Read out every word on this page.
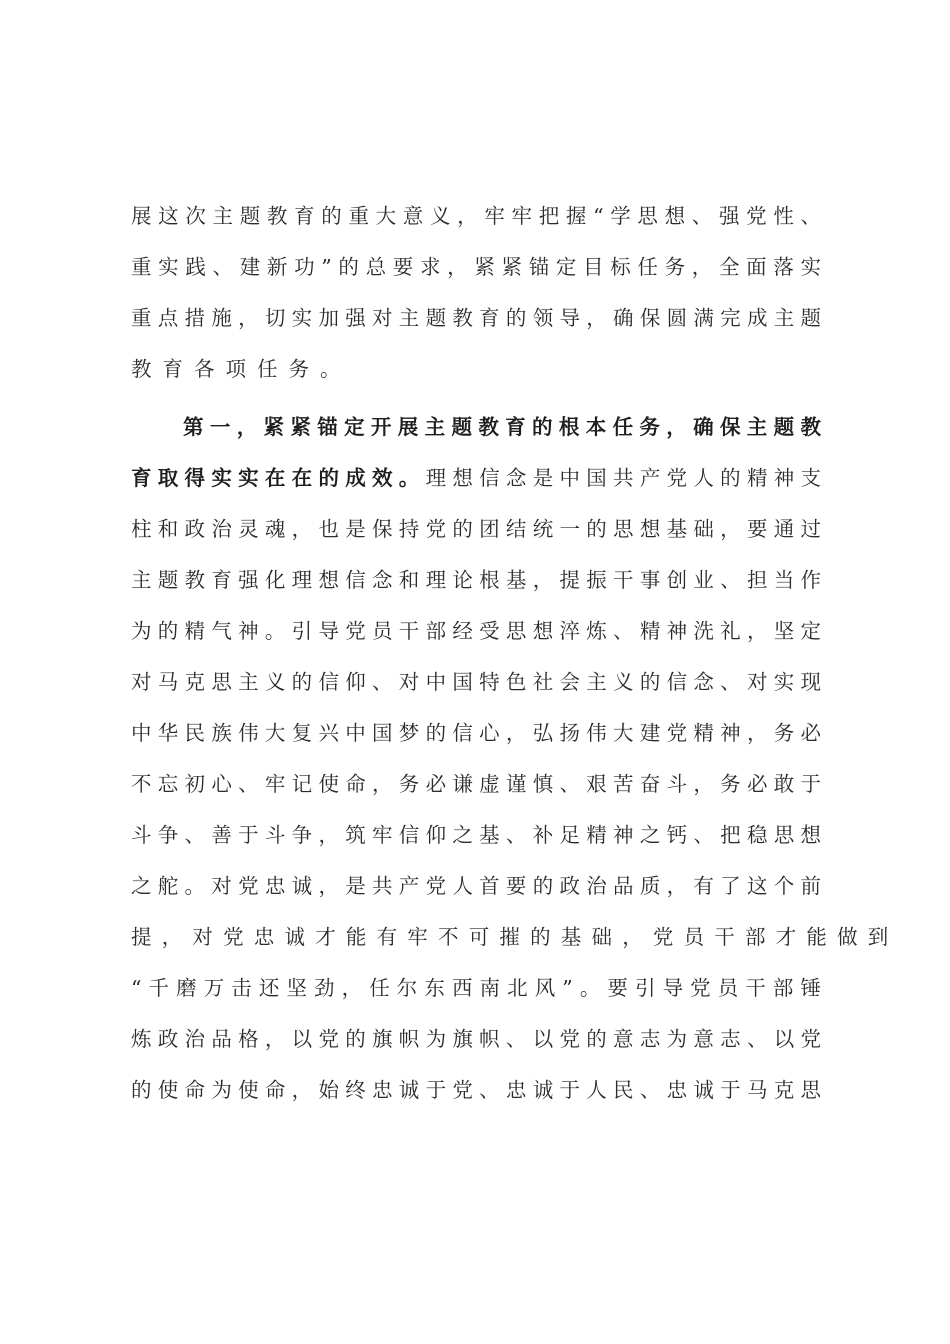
展这次主题教育的重大意义，牢牢把握“学思想、强党性、
重实践、建新功”的总要求，紧紧锚定目标任务，全面落实
重点措施，切实加强对主题教育的领导，确保圆满完成主题
教育各项任务。
第一，紧紧锚定开展主题教育的根本任务，确保主题教
育取得实实在在的成效。理想信念是中国共产党人的精神支
柱和政治灵魂，也是保持党的团结统一的思想基础，要通过
主题教育强化理想信念和理论根基，提振干事创业、担当作
为的精气神。引导党员干部经受思想淬炼、精神洗礼，坚定
对马克思主义的信仰、对中国特色社会主义的信念、对实现
中华民族伟大复兴中国梦的信心，弘扬伟大建党精神，务必
不忘初心、牢记使命，务必谦虚谨慎、艰苦奋斗，务必敢于
斗争、善于斗争，筑牢信仰之基、补足精神之钙、把稳思想
之舵。对党忠诚，是共产党人首要的政治品质，有了这个前
提，对党忠诚才能有牢不可摧的基础，党员干部才能做到
“千磨万击还坚劲，任尔东西南北风”。要引导党员干部锤
炼政治品格，以党的旗帜为旗帜、以党的意志为意志、以党
的使命为使命，始终忠诚于党、忠诚于人民、忠诚于马克思
